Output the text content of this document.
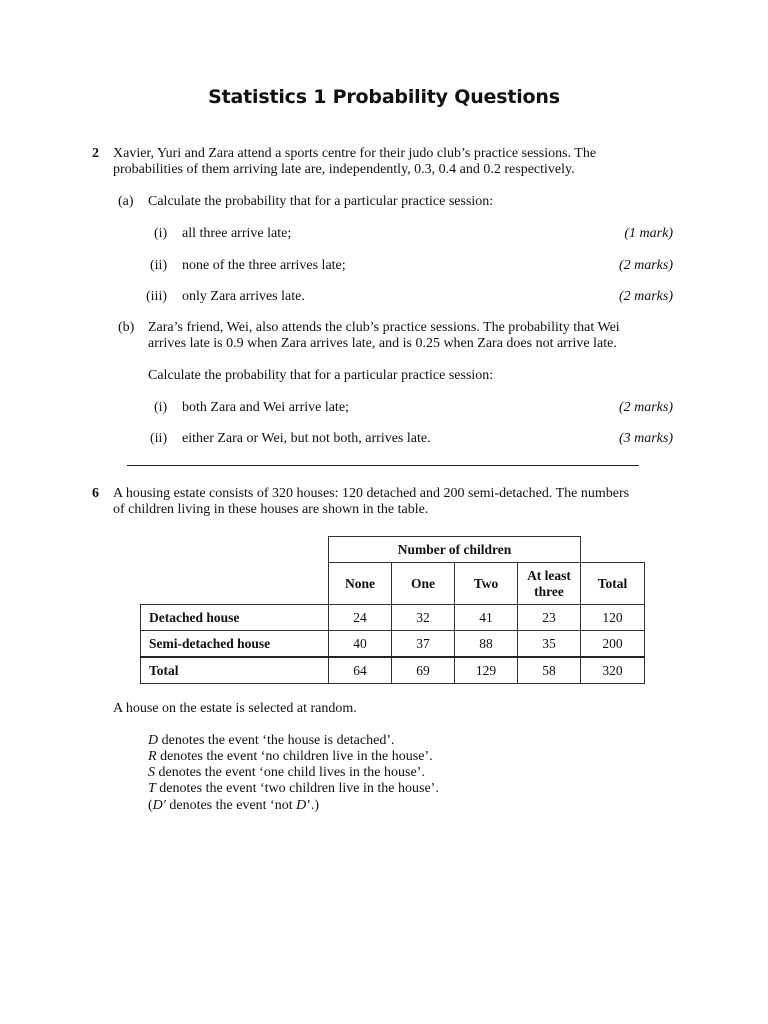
Statistics 1 Probability Questions
2 Xavier, Yuri and Zara attend a sports centre for their judo club’s practice sessions. The
probabilities of them arriving late are, independently, 0.3, 0.4 and 0.2 respectively.
(a) Calculate the probability that for a particular practice session:
(i) all three arrive late;	(1 mark)
(ii) none of the three arrives late;	(2 marks)
(iii) only Zara arrives late.	(2 marks)
(b) Zara’s friend, Wei, also attends the club’s practice sessions. The probability that Wei
arrives late is 0.9 when Zara arrives late, and is 0.25 when Zara does not arrive late.
Calculate the probability that for a particular practice session:
(i) both Zara and Wei arrive late;	(2 marks)
(ii) either Zara or Wei, but not both, arrives late.	(3 marks)
6 A housing estate consists of 320 houses: 120 detached and 200 semi-detached. The numbers
of children living in these houses are shown in the table.
	Number of children				
	None	One	Two	At least
three	Total
Detached house	24	32	41	23	120
Semi-detached house	40	37	88	35	200
Total	64	69	129	58	320
A house on the estate is selected at random.
D denotes the event ‘the house is detached’.
R denotes the event ‘no children live in the house’.
S denotes the event ‘one child lives in the house’.
T denotes the event ‘two children live in the house’.
(D′ denotes the event ‘not D’.)
